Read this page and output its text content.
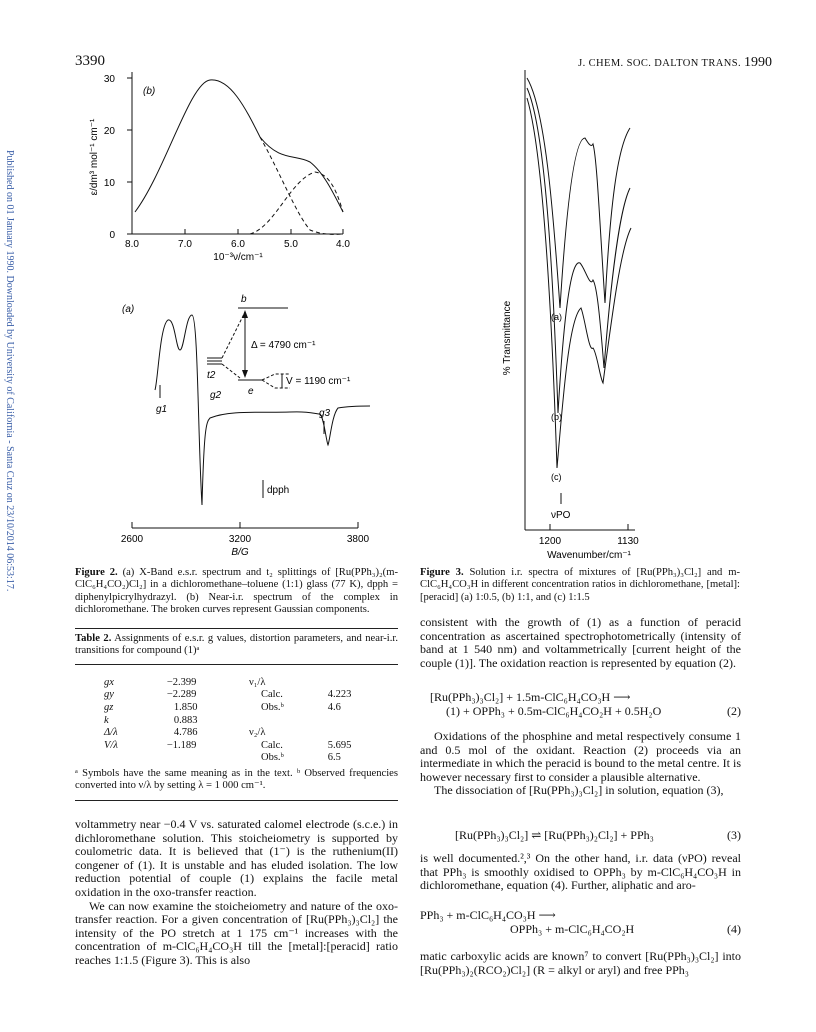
3390	J. CHEM. SOC. DALTON TRANS. 1990
Published on 01 January 1990. Downloaded by University of California - Santa Cruz on 23/10/2014 06:53:17.
(b)
30
20
10
0
8.0	7.0	6.0	5.0	4.0
10⁻³ν/cm⁻¹
ε/dm³ mol⁻¹ cm⁻¹
(a)
g1
g2
g3
dpph
b
t2
e
Δ = 4790 cm⁻¹
V = 1190 cm⁻¹
2600	3200	3800
B/G
% Transmittance	(a)
(b)
(c)
νPO
1200	1130
Wavenumber/cm⁻¹
Figure 2. (a) X-Band e.s.r. spectrum and t₂ splittings of [Ru(PPh₃)₂(m-ClC₆H₄CO₂)Cl₂] in a dichloromethane–toluene (1:1) glass (77 K), dpph = diphenylpicrylhydrazyl. (b) Near-i.r. spectrum of the complex in dichloromethane. The broken curves represent Gaussian components.
Figure 3. Solution i.r. spectra of mixtures of [Ru(PPh₃)₃Cl₂] and m-ClC₆H₄CO₃H in different concentration ratios in dichloromethane, [metal]:[peracid] (a) 1:0.5, (b) 1:1, and (c) 1:1.5
Table 2. Assignments of e.s.r. g values, distortion parameters, and near-i.r. transitions for compound (1)ᵃ
gx	−2.399
gy	−2.289
gz	1.850
k	0.883
Δ/λ	4.786
V/λ	−1.189
ν₁/λ	
Calc.	4.223
Obs.ᵇ	4.6

ν₂/λ	
Calc.	5.695
Obs.ᵇ	6.5
ᵃ Symbols have the same meaning as in the text. ᵇ Observed frequencies converted into ν/λ by setting λ = 1 000 cm⁻¹.

voltammetry near −0.4 V vs. saturated calomel electrode (s.c.e.) in dichloromethane solution. This stoicheiometry is supported by coulometric data. It is believed that (1⁻) is the ruthenium(II) congener of (1). It is unstable and has eluded isolation. The low reduction potential of couple (1) explains the facile metal oxidation in the oxo-transfer reaction.

We can now examine the stoicheiometry and nature of the oxo-transfer reaction. For a given concentration of [Ru(PPh₃)₃Cl₂] the intensity of the PO stretch at 1 175 cm⁻¹ increases with the concentration of m-ClC₆H₄CO₃H till the [metal]:[peracid] ratio reaches 1:1.5 (Figure 3). This is also

consistent with the growth of (1) as a function of peracid concentration as ascertained spectrophotometrically (intensity of band at 1 540 nm) and voltammetrically [current height of the couple (1)]. The oxidation reaction is represented by equation (2).

[Ru(PPh₃)₃Cl₂] + 1.5m-ClC₆H₄CO₃H ⟶
(1) + OPPh₃ + 0.5m-ClC₆H₄CO₂H + 0.5H₂O	(2)

Oxidations of the phosphine and metal respectively consume 1 and 0.5 mol of the oxidant. Reaction (2) proceeds via an intermediate in which the peracid is bound to the metal centre. It is however necessary first to consider a plausible alternative.

The dissociation of [Ru(PPh₃)₃Cl₂] in solution, equation (3),

[Ru(PPh₃)₃Cl₂] ⇌ [Ru(PPh₃)₂Cl₂] + PPh₃	(3)

is well documented.²,³ On the other hand, i.r. data (νPO) reveal that PPh₃ is smoothly oxidised to OPPh₃ by m-ClC₆H₄CO₃H in dichloromethane, equation (4). Further, aliphatic and aro-

PPh₃ + m-ClC₆H₄CO₃H ⟶
OPPh₃ + m-ClC₆H₄CO₂H	(4)

matic carboxylic acids are known⁷ to convert [Ru(PPh₃)₃Cl₂] into [Ru(PPh₃)₂(RCO₂)Cl₂] (R = alkyl or aryl) and free PPh₃
